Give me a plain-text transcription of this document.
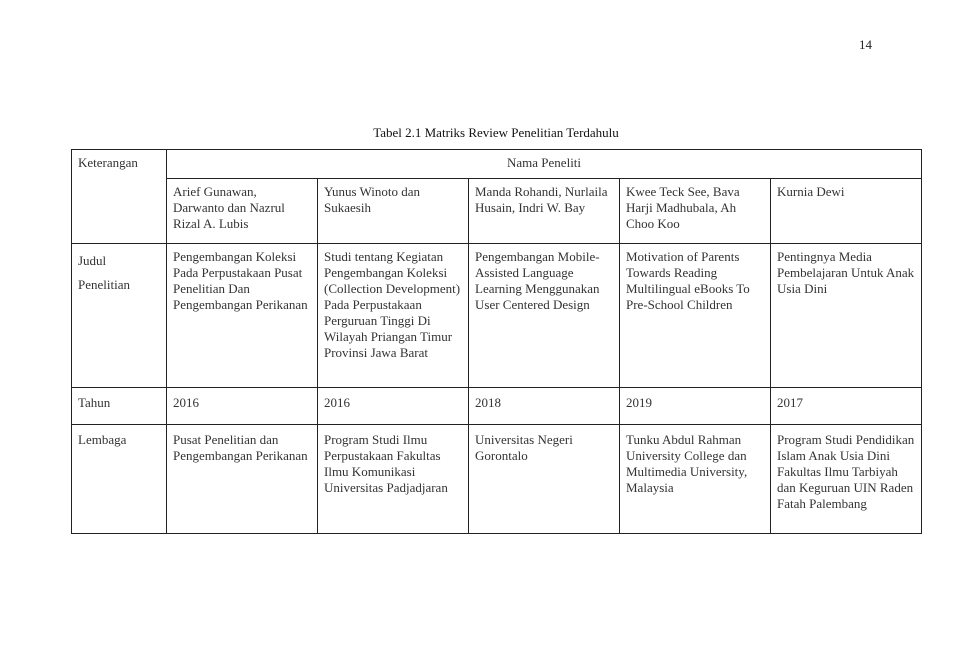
14
Tabel 2.1 Matriks Review Penelitian Terdahulu
Keterangan	Nama Peneliti				
	Arief Gunawan, Darwanto dan Nazrul Rizal A. Lubis	Yunus Winoto dan Sukaesih	Manda Rohandi, Nurlaila Husain, Indri W. Bay	Kwee Teck See, Bava Harji Madhubala, Ah Choo Koo	Kurnia Dewi

Judul
Penelitian	Pengembangan Koleksi Pada Perpustakaan Pusat Penelitian Dan Pengembangan Perikanan	Studi tentang Kegiatan Pengembangan Koleksi (Collection Development) Pada Perpustakaan Perguruan Tinggi Di Wilayah Priangan Timur Provinsi Jawa Barat	Pengembangan Mobile-Assisted Language Learning Menggunakan User Centered Design	Motivation of Parents Towards Reading Multilingual eBooks To Pre-School Children	Pentingnya Media Pembelajaran Untuk Anak Usia Dini
Tahun	2016	2016	2018	2019	2017
Lembaga	Pusat Penelitian dan Pengembangan Perikanan	Program Studi Ilmu Perpustakaan Fakultas Ilmu Komunikasi Universitas Padjadjaran	Universitas Negeri Gorontalo	Tunku Abdul Rahman University College dan Multimedia University, Malaysia	Program Studi Pendidikan Islam Anak Usia Dini Fakultas Ilmu Tarbiyah dan Keguruan UIN Raden Fatah Palembang
